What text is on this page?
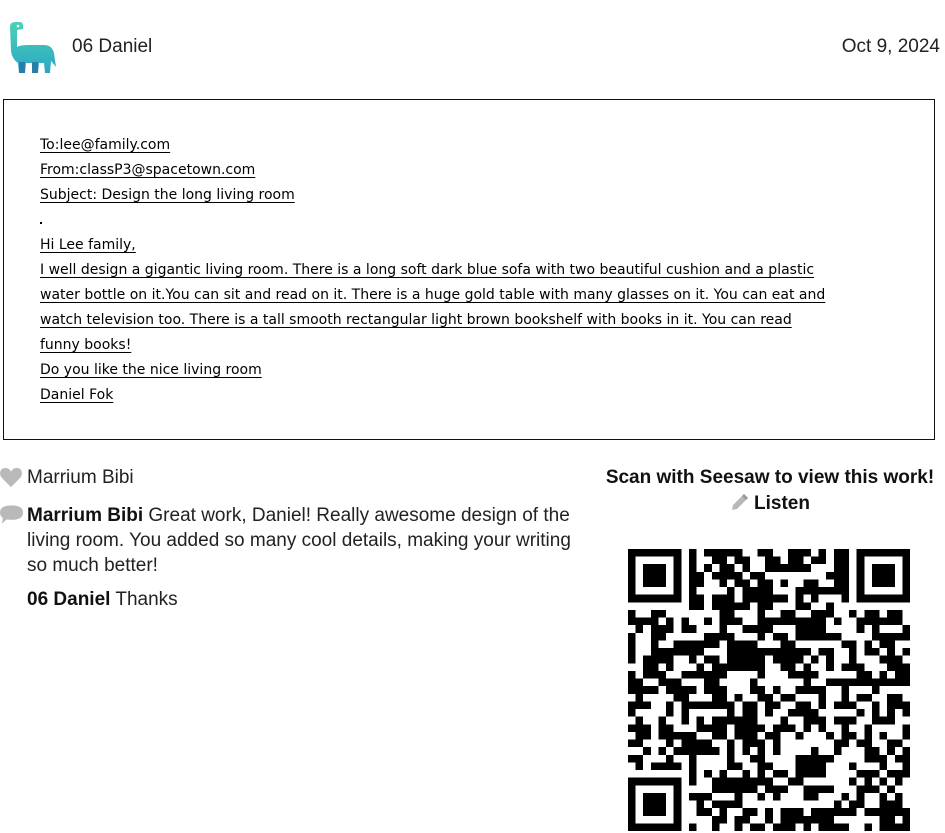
06 Daniel	Oct 9, 2024
To:lee@family.com
From:classP3@spacetown.com
Subject: Design the long living room
Hi Lee family,
I well design a gigantic living room. There is a long soft dark blue sofa with two beautiful cushion and a plastic
water bottle on it.You can sit and read on it. There is a huge gold table with many glasses on it. You can eat and
watch television too. There is a tall smooth rectangular light brown bookshelf with books in it. You can read
funny books!
Do you like the nice living room
Daniel Fok
Marrium Bibi
Marrium Bibi Great work, Daniel! Really awesome design of the living room. You added so many cool details, making your writing so much better!
06 Daniel Thanks
Scan with Seesaw to view this work!
Listen
